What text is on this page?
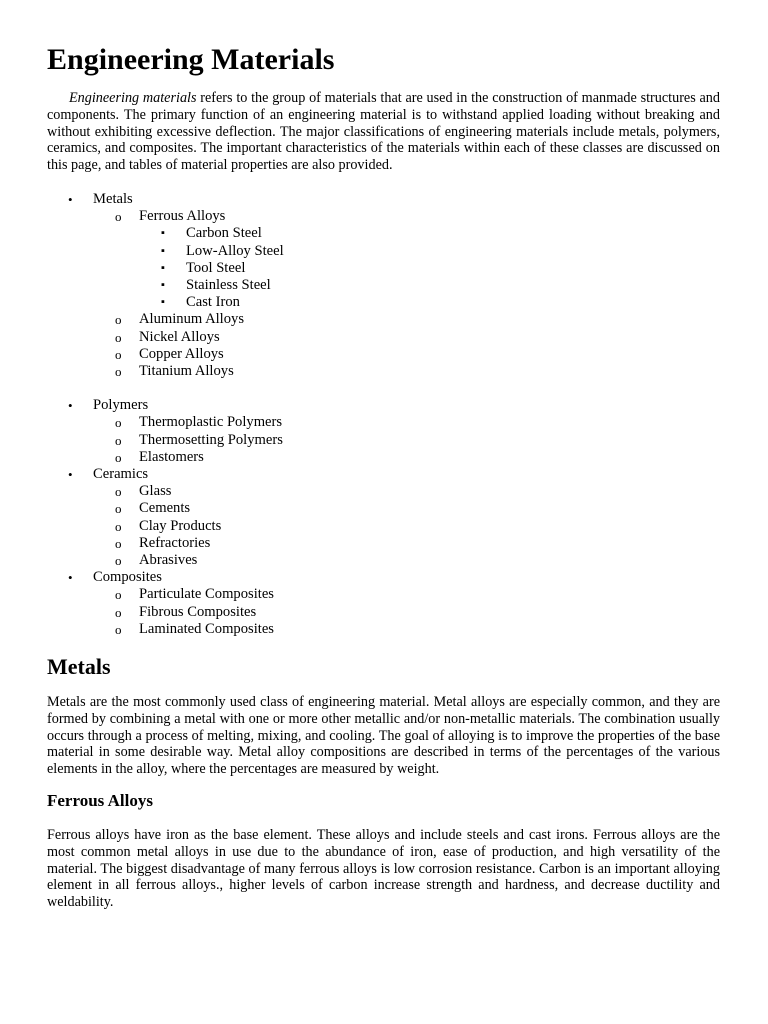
Engineering Materials

Engineering materials refers to the group of materials that are used in the construction of manmade structures and components. The primary function of an engineering material is to withstand applied loading without breaking and without exhibiting excessive deflection. The major classifications of engineering materials include metals, polymers, ceramics, and composites. The important characteristics of the materials within each of these classes are discussed on this page, and tables of material properties are also provided.

• Metals
o Ferrous Alloys
▪ Carbon Steel
▪ Low-Alloy Steel
▪ Tool Steel
▪ Stainless Steel
▪ Cast Iron
o Aluminum Alloys
o Nickel Alloys
o Copper Alloys
o Titanium Alloys
• Polymers
o Thermoplastic Polymers
o Thermosetting Polymers
o Elastomers
• Ceramics
o Glass
o Cements
o Clay Products
o Refractories
o Abrasives
• Composites
o Particulate Composites
o Fibrous Composites
o Laminated Composites
Metals

Metals are the most commonly used class of engineering material. Metal alloys are especially common, and they are formed by combining a metal with one or more other metallic and/or non-metallic materials. The combination usually occurs through a process of melting, mixing, and cooling. The goal of alloying is to improve the properties of the base material in some desirable way. Metal alloy compositions are described in terms of the percentages of the various elements in the alloy, where the percentages are measured by weight.

Ferrous Alloys

Ferrous alloys have iron as the base element. These alloys and include steels and cast irons. Ferrous alloys are the most common metal alloys in use due to the abundance of iron, ease of production, and high versatility of the material. The biggest disadvantage of many ferrous alloys is low corrosion resistance. Carbon is an important alloying element in all ferrous alloys., higher levels of carbon increase strength and hardness, and decrease ductility and weldability.
